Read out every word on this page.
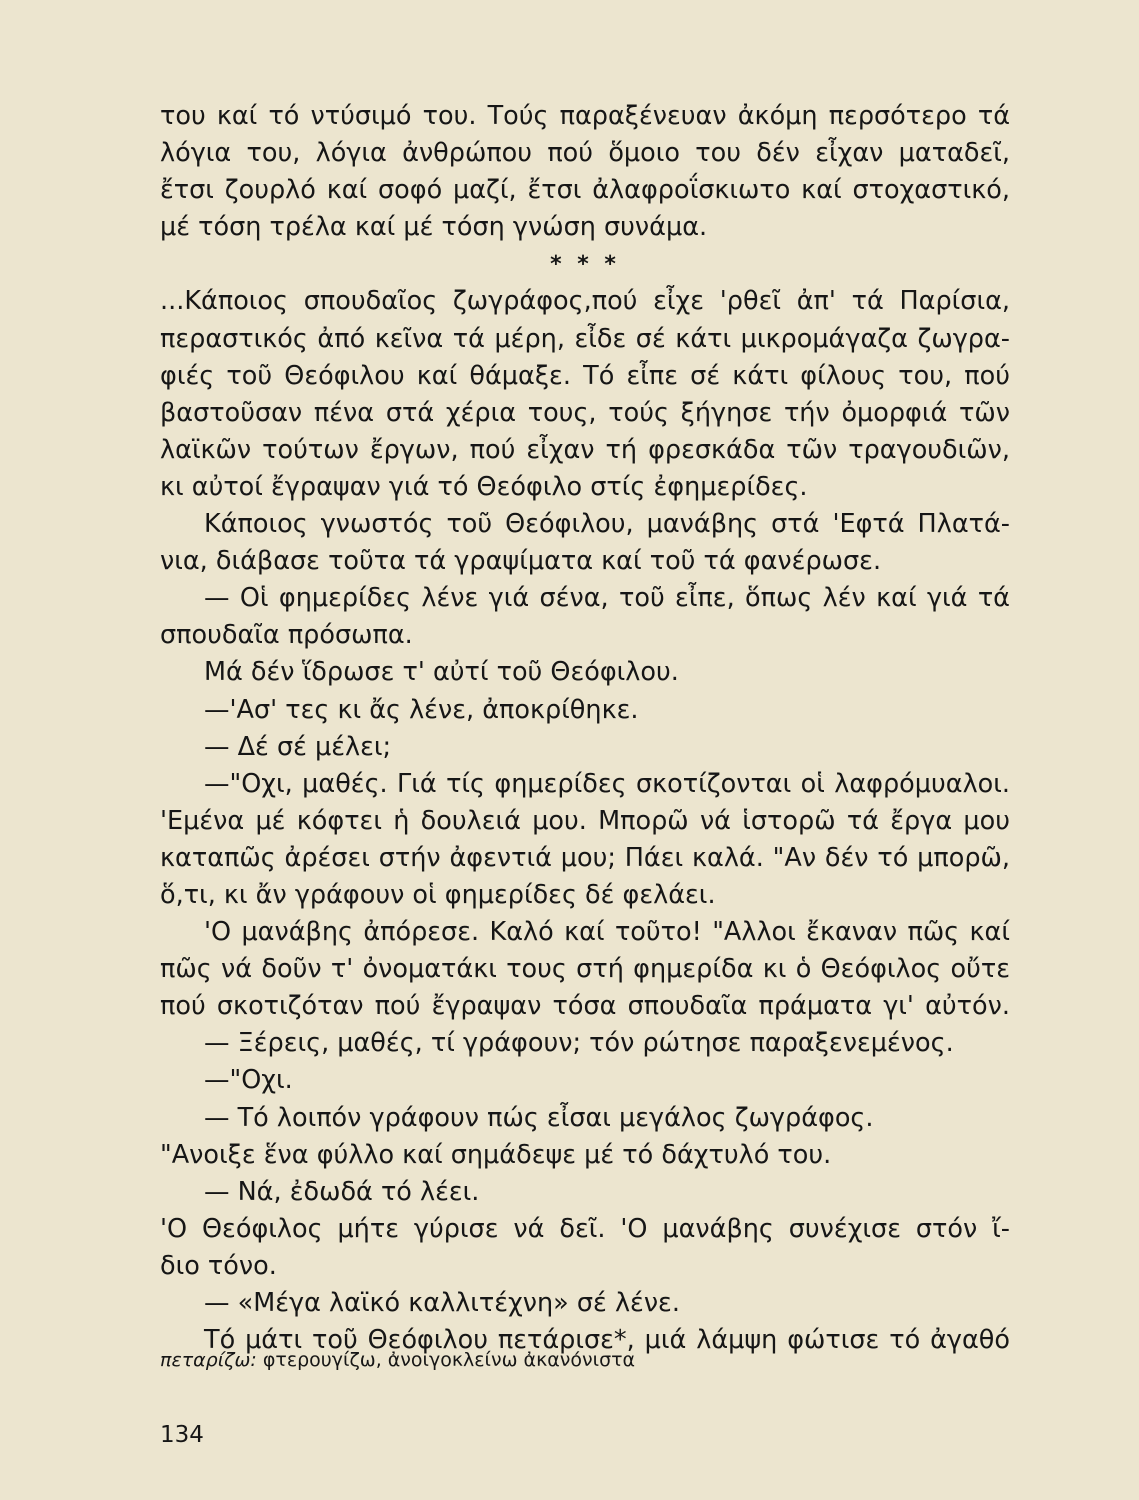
του καί τό ντύσιμό του. Τούς παραξένευαν ἀκόμη περσότερο τά
λόγια του, λόγια ἀνθρώπου πού ὅμοιο του δέν εἶχαν ματαδεῖ,
ἔτσι ζουρλό καί σοφό μαζί, ἔτσι ἀλαφροΐσκιωτο καί στοχαστικό,
μέ τόση τρέλα καί μέ τόση γνώση συνάμα.
* * *
...Κάποιος σπουδαῖος ζωγράφος,πού εἶχε 'ρθεῖ ἀπ' τά Παρίσια,
περαστικός ἀπό κεῖνα τά μέρη, εἶδε σέ κάτι μικρομάγαζα ζωγρα-
φιές τοῦ Θεόφιλου καί θάμαξε. Τό εἶπε σέ κάτι φίλους του, πού
βαστοῦσαν πένα στά χέρια τους, τούς ξήγησε τήν ὀμορφιά τῶν
λαϊκῶν τούτων ἔργων, πού εἶχαν τή φρεσκάδα τῶν τραγουδιῶν,
κι αὐτοί ἔγραψαν γιά τό Θεόφιλο στίς ἐφημερίδες.
Κάποιος γνωστός τοῦ Θεόφιλου, μανάβης στά 'Εφτά Πλατά-
νια, διάβασε τοῦτα τά γραψίματα καί τοῦ τά φανέρωσε.
— Οἱ φημερίδες λένε γιά σένα, τοῦ εἶπε, ὅπως λέν καί γιά τά
σπουδαῖα πρόσωπα.
Μά δέν ἵδρωσε τ' αὐτί τοῦ Θεόφιλου.
—'Ασ' τες κι ἄς λένε, ἀποκρίθηκε.
— Δέ σέ μέλει;
—"Οχι, μαθές. Γιά τίς φημερίδες σκοτίζονται οἱ λαφρόμυαλοι.
'Εμένα μέ κόφτει ἡ δουλειά μου. Μπορῶ νά ἱστορῶ τά ἔργα μου
καταπῶς ἀρέσει στήν ἀφεντιά μου; Πάει καλά. "Αν δέν τό μπορῶ,
ὅ,τι, κι ἄν γράφουν οἱ φημερίδες δέ φελάει.
'Ο μανάβης ἀπόρεσε. Καλό καί τοῦτο! "Αλλοι ἔκαναν πῶς καί
πῶς νά δοῦν τ' ὀνοματάκι τους στή φημερίδα κι ὁ Θεόφιλος οὔτε
πού σκοτιζόταν πού ἔγραψαν τόσα σπουδαῖα πράματα γι' αὐτόν.
— Ξέρεις, μαθές, τί γράφουν; τόν ρώτησε παραξενεμένος.
—"Οχι.
— Τό λοιπόν γράφουν πώς εἶσαι μεγάλος ζωγράφος.
"Ανοιξε ἕνα φύλλο καί σημάδεψε μέ τό δάχτυλό του.
— Νά, ἐδωδά τό λέει.
'Ο Θεόφιλος μήτε γύρισε νά δεῖ. 'Ο μανάβης συνέχισε στόν ἴ-
διο τόνο.
— «Μέγα λαϊκό καλλιτέχνη» σέ λένε.
Τό μάτι τοῦ Θεόφιλου πετάρισε*, μιά λάμψη φώτισε τό ἀγαθό
πεταρίζω: φτερουγίζω, ἀνοιγοκλείνω ἀκανόνιστα
134
